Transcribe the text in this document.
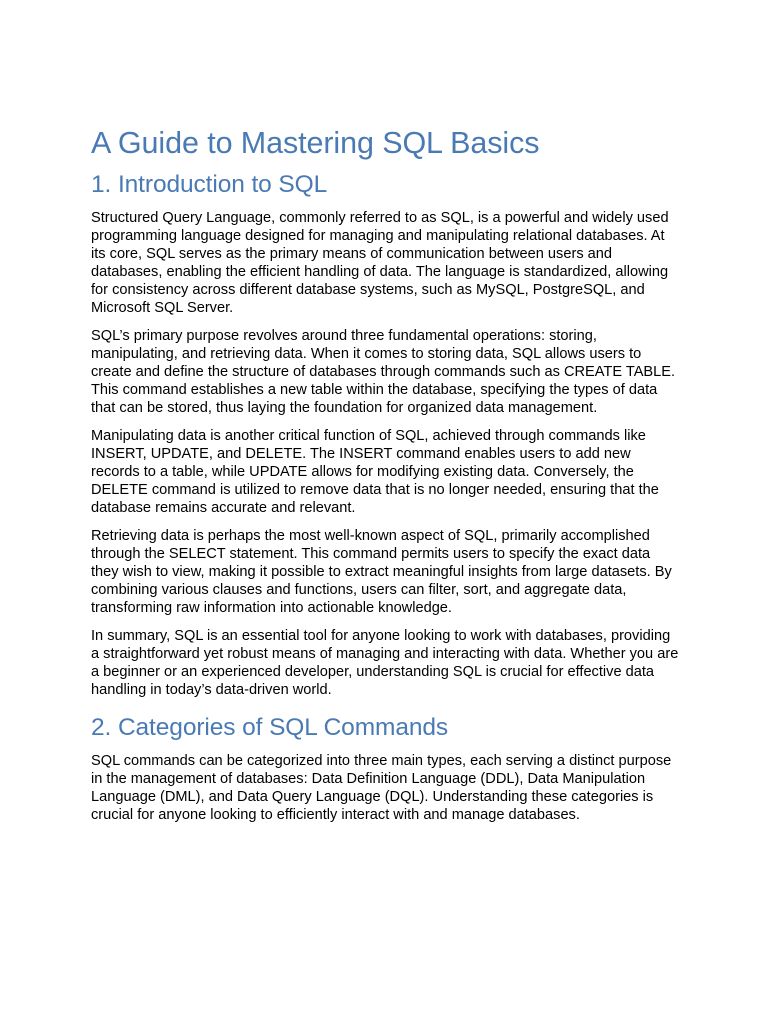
A Guide to Mastering SQL Basics
1. Introduction to SQL

Structured Query Language, commonly referred to as SQL, is a powerful and widely used programming language designed for managing and manipulating relational databases. At its core, SQL serves as the primary means of communication between users and databases, enabling the efficient handling of data. The language is standardized, allowing for consistency across different database systems, such as MySQL, PostgreSQL, and Microsoft SQL Server.

SQL’s primary purpose revolves around three fundamental operations: storing, manipulating, and retrieving data. When it comes to storing data, SQL allows users to create and define the structure of databases through commands such as CREATE TABLE. This command establishes a new table within the database, specifying the types of data that can be stored, thus laying the foundation for organized data management.

Manipulating data is another critical function of SQL, achieved through commands like INSERT, UPDATE, and DELETE. The INSERT command enables users to add new records to a table, while UPDATE allows for modifying existing data. Conversely, the DELETE command is utilized to remove data that is no longer needed, ensuring that the database remains accurate and relevant.

Retrieving data is perhaps the most well-known aspect of SQL, primarily accomplished through the SELECT statement. This command permits users to specify the exact data they wish to view, making it possible to extract meaningful insights from large datasets. By combining various clauses and functions, users can filter, sort, and aggregate data, transforming raw information into actionable knowledge.

In summary, SQL is an essential tool for anyone looking to work with databases, providing a straightforward yet robust means of managing and interacting with data. Whether you are a beginner or an experienced developer, understanding SQL is crucial for effective data handling in today’s data-driven world.

2. Categories of SQL Commands

SQL commands can be categorized into three main types, each serving a distinct purpose in the management of databases: Data Definition Language (DDL), Data Manipulation Language (DML), and Data Query Language (DQL). Understanding these categories is crucial for anyone looking to efficiently interact with and manage databases.
